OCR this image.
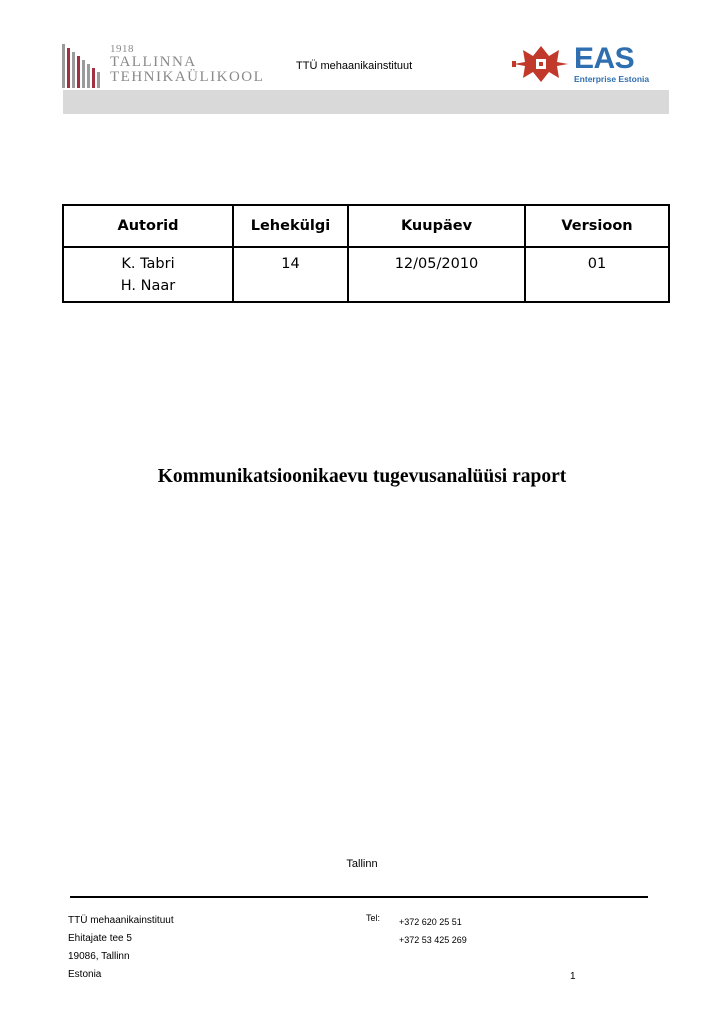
1918
TALLINNA
TEHNIKAÜLIKOOL
TTÜ mehaanikainstituut	EAS
Enterprise Estonia
Autorid	Lehekülgi	Kuupäev	Versioon

K. Tabri
H. Naar	14	12/05/2010	01
Kommunikatsioonikaevu tugevusanalüüsi raport
Tallinn
TTÜ mehaanikainstituut
Ehitajate tee 5
19086, Tallinn
Estonia
Tel: +372 620 25 51
+372 53 425 269
1
